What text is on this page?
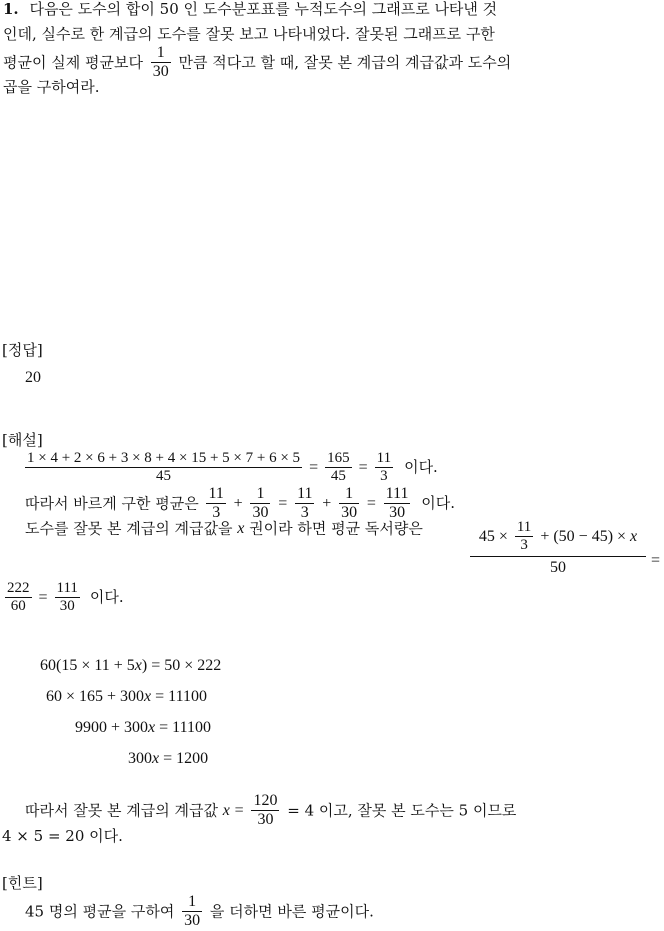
1. 다음은 도수의 합이 50 인 도수분포표를 누적도수의 그래프로 나타낸 것
인데, 실수로 한 계급의 도수를 잘못 보고 나타내었다. 잘못된 그래프로 구한
평균이 실제 평균보다 $\frac{1}{30}$ 만큼 적다고 할 때, 잘못 본 계급의 계급값과 도수의
곱을 구하여라.
[정답]
20
[해설]
$\frac{1 \times 4 + 2 \times 6 + 3 \times 8 + 4 \times 15 + 5 \times 7 + 6 \times 5}{45} = \frac{165}{45} = \frac{11}{3}$ 이다.
따라서 바르게 구한 평균은 $\frac{11}{3} + \frac{1}{30} = \frac{11}{3} + \frac{1}{30} = \frac{111}{30}$ 이다.
도수를 잘못 본 계급의 계급값을 x 권이라 하면 평균 독서량은	$\frac{45 \times \frac{11}{3} + (50 - 45) \times x}{50}$ =
$\frac{222}{60} = \frac{111}{30}$ 이다.
60(15 × 11 + 5x) = 50 × 222
60 × 165 + 300x = 11100
9900 + 300x = 11100
300x = 1200
따라서 잘못 본 계급의 계급값 $x = \frac{120}{30} = 4$ 이고, 잘못 본 도수는 5 이므로
4 × 5 = 20 이다.
[힌트]
45 명의 평균을 구하여 $\frac{1}{30}$ 을 더하면 바른 평균이다.
